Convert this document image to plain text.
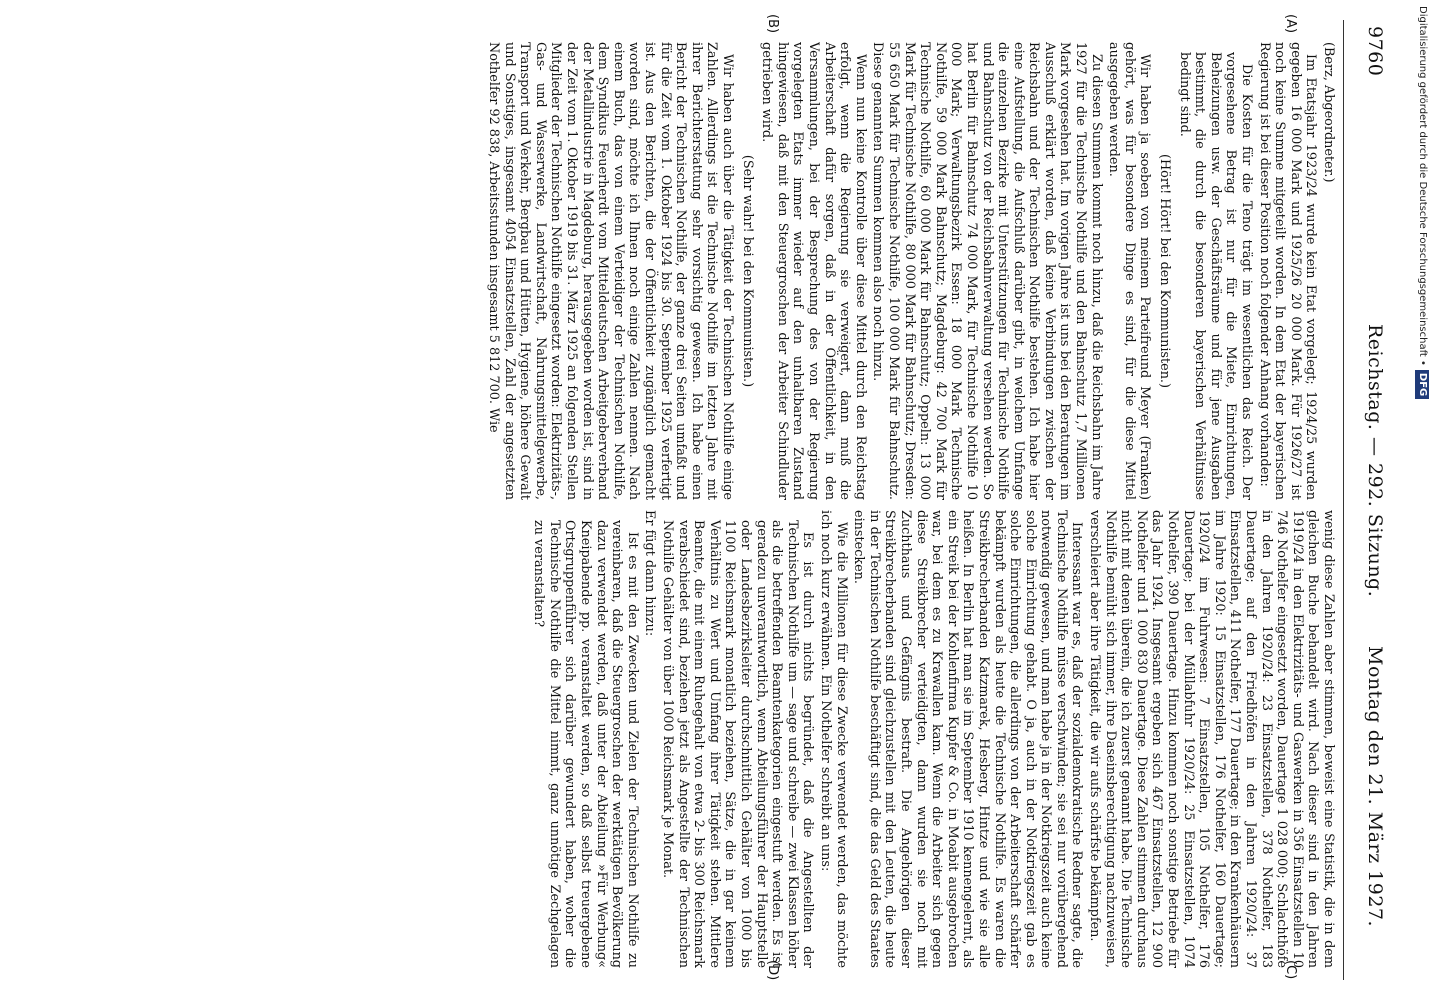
9760
Reichstag. — 292. Sitzung.
Montag den 21. März 1927.
(A)
(B)
(C)
(D)

(Berz, Abgeordneter.)

Im Etatsjahr 1923/24 wurde kein Etat vorgelegt; 1924/25 wurden gegeben 16 000 Mark und 1925/26 20 000 Mark. Für 1926/27 ist noch keine Summe mitgeteilt worden. In dem Etat der bayerischen Regierung ist bei dieser Position noch folgender Anhang vorhanden:

Die Kosten für die Teno trägt im wesentlichen das Reich. Der vorgesehene Betrag ist nur für die Miete, Einrichtungen, Beheizungen usw. der Geschäftsräume und für jene Ausgaben bestimmt, die durch die besonderen bayerischen Verhältnisse bedingt sind.

(Hört! Hört! bei den Kommunisten.)

Wir haben ja soeben von meinem Parteifreund Meyer (Franken) gehört, was für besondere Dinge es sind, für die diese Mittel ausgegeben werden.

Zu diesen Summen kommt noch hinzu, daß die Reichsbahn im Jahre 1927 für die Technische Nothilfe und den Bahnschutz 1,7 Millionen Mark vorgesehen hat. Im vorigen Jahre ist uns bei den Beratungen im Ausschuß erklärt worden, daß keine Verbindungen zwischen der Reichsbahn und der Technischen Nothilfe bestehen. Ich habe hier eine Aufstellung, die Aufschluß darüber gibt, in welchem Umfange die einzelnen Bezirke mit Unterstützungen für Technische Nothilfe und Bahnschutz von der Reichsbahnverwaltung versehen werden. So hat Berlin für Bahnschutz 74 000 Mark, für Technische Nothilfe 10 000 Mark; Verwaltungsbezirk Essen: 18 000 Mark Technische Nothilfe, 59 000 Mark Bahnschutz; Magdeburg: 42 700 Mark für Technische Nothilfe, 60 000 Mark für Bahnschutz; Oppeln: 13 000 Mark für Technische Nothilfe, 80 000 Mark für Bahnschutz; Dresden: 55 650 Mark für Technische Nothilfe, 100 000 Mark für Bahnschutz. Diese genannten Summen kommen also noch hinzu.

Wenn nun keine Kontrolle über diese Mittel durch den Reichstag erfolgt, wenn die Regierung sie verweigert, dann muß die Arbeiterschaft dafür sorgen, daß in der Öffentlichkeit, in den Versammlungen, bei der Besprechung des von der Regierung vorgelegten Etats immer wieder auf den unhaltbaren Zustand hingewiesen, daß mit den Steuergroschen der Arbeiter Schindluder getrieben wird.

(Sehr wahr! bei den Kommunisten.)

Wir haben auch über die Tätigkeit der Technischen Nothilfe einige Zahlen. Allerdings ist die Technische Nothilfe im letzten Jahre mit ihrer Berichterstattung sehr vorsichtig gewesen. Ich habe einen Bericht der Technischen Nothilfe, der ganze drei Seiten umfaßt und für die Zeit vom 1. Oktober 1924 bis 30. September 1925 verfertigt ist. Aus den Berichten, die der Öffentlichkeit zugänglich gemacht worden sind, möchte ich Ihnen noch einige Zahlen nennen. Nach einem Buch, das von einem Verteidiger der Technischen Nothilfe, dem Syndikus Feuerherdt vom Mitteldeutschen Arbeitgeberverband der Metallindustrie in Magdeburg, herausgegeben worden ist, sind in der Zeit vom 1. Oktober 1919 bis 31. März 1925 an folgenden Stellen Mitglieder der Technischen Nothilfe eingesetzt worden: Elektrizitäts-, Gas- und Wasserwerke, Landwirtschaft, Nahrungsmittelgewerbe, Transport und Verkehr, Bergbau und Hütten, Hygiene, höhere Gewalt und Sonstiges, insgesamt 4054 Einsatzstellen, Zahl der angesetzten Nothelfer 92 838, Arbeitsstunden insgesamt 5 812 700. Wie

wenig diese Zahlen aber stimmen, beweist eine Statistik, die in dem gleichen Buche behandelt wird. Nach dieser sind in den Jahren 1919/24 in den Elektrizitäts- und Gaswerken in 356 Einsatzstellen 10 746 Nothelfer eingesetzt worden, Dauertage 1 028 000; Schlachthöfe in den Jahren 1920/24: 23 Einsatzstellen, 378 Nothelfer, 183 Dauertage; auf den Friedhöfen in den Jahren 1920/24: 37 Einsatzstellen, 411 Nothelfer, 177 Dauertage; in den Krankenhäusern im Jahre 1920: 15 Einsatzstellen, 176 Nothelfer, 160 Dauertage; 1920/24 im Fuhrwesen: 7 Einsatzstellen, 105 Nothelfer, 176 Dauertage; bei der Müllabfuhr 1920/24: 25 Einsatzstellen, 1074 Nothelfer, 390 Dauertage. Hinzu kommen noch sonstige Betriebe für das Jahr 1924. Insgesamt ergeben sich 467 Einsatzstellen, 12 900 Nothelfer und 1 000 830 Dauertage. Diese Zahlen stimmen durchaus nicht mit denen überein, die ich zuerst genannt habe. Die Technische Nothilfe bemüht sich immer, ihre Daseinsberechtigung nachzuweisen, verschleiert aber ihre Tätigkeit, die wir aufs schärfste bekämpfen.

Interessant war es, daß der sozialdemokratische Redner sagte, die Technische Nothilfe müsse verschwinden; sie sei nur vorübergehend notwendig gewesen, und man habe ja in der Notkriegszeit auch keine solche Einrichtung gehabt. O ja, auch in der Notkriegszeit gab es solche Einrichtungen, die allerdings von der Arbeiterschaft schärfer bekämpft wurden als heute die Technische Nothilfe. Es waren die Streikbrecherbanden Katzmarek, Hesberg, Hintze und wie sie alle heißen. In Berlin hat man sie im September 1910 kennengelernt, als ein Streik bei der Kohlenfirma Kupfer & Co. in Moabit ausgebrochen war, bei dem es zu Krawallen kam. Wenn die Arbeiter sich gegen diese Streikbrecher verteidigten, dann wurden sie noch mit Zuchthaus und Gefängnis bestraft. Die Angehörigen dieser Streikbrecherbanden sind gleichzustellen mit den Leuten, die heute in der Technischen Nothilfe beschäftigt sind, die das Geld des Staates einstecken.

Wie die Millionen für diese Zwecke verwendet werden, das möchte ich noch kurz erwähnen. Ein Nothelfer schreibt an uns:

Es ist durch nichts begründet, daß die Angestellten der Technischen Nothilfe um — sage und schreibe — zwei Klassen höher als die betreffenden Beamtenkategorien eingestuft werden. Es ist geradezu unverantwortlich, wenn Abteilungsführer der Hauptstelle oder Landesbezirksleiter durchschnittlich Gehälter von 1000 bis 1100 Reichsmark monatlich beziehen, Sätze, die in gar keinem Verhältnis zu Wert und Umfang ihrer Tätigkeit stehen. Mittlere Beamte, die mit einem Ruhegehalt von etwa 2- bis 300 Reichsmark verabschiedet sind, beziehen jetzt als Angestellte der Technischen Nothilfe Gehälter von über 1000 Reichsmark je Monat.

Er fügt dann hinzu:

Ist es mit den Zwecken und Zielen der Technischen Nothilfe zu vereinbaren, daß die Steuergroschen der werktätigen Bevölkerung dazu verwendet werden, daß unter der Abteilung »Für Werbung« Kneipabende pp. veranstaltet werden, so daß selbst treuergebene Ortsgruppenführer sich darüber gewundert haben, woher die Technische Nothilfe die Mittel nimmt, ganz unnötige Zechgelagen zu veranstalten?

Digitalisierung gefördert durch die Deutsche Forschungsgemeinschaft •DFG
